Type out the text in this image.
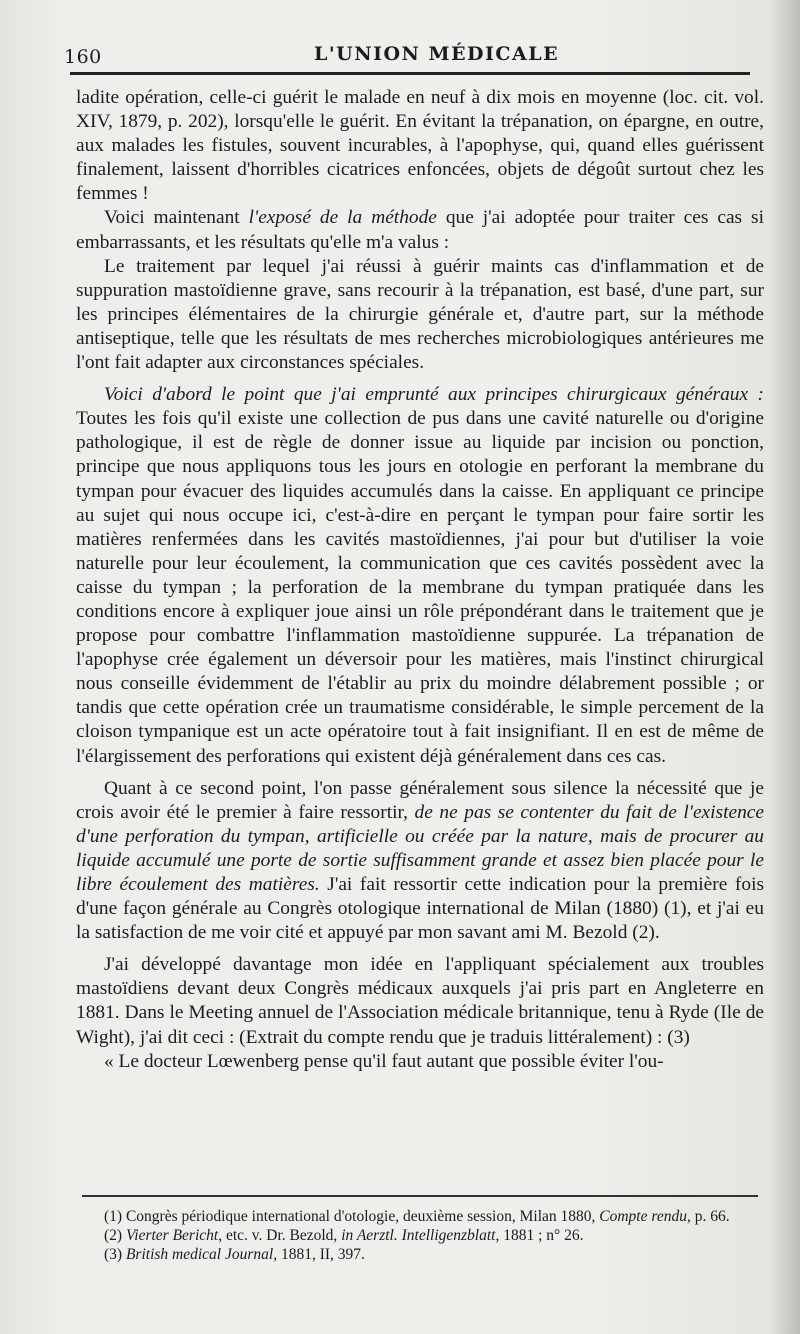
160	L'UNION MÉDICALE

ladite opération, celle-ci guérit le malade en neuf à dix mois en moyenne (loc. cit. vol. XIV, 1879, p. 202), lorsqu'elle le guérit. En évitant la trépanation, on épargne, en outre, aux malades les fistules, souvent incurables, à l'apophyse, qui, quand elles guérissent finalement, laissent d'horribles cicatrices enfoncées, objets de dégoût surtout chez les femmes !

Voici maintenant l'exposé de la méthode que j'ai adoptée pour traiter ces cas si embarrassants, et les résultats qu'elle m'a valus :

Le traitement par lequel j'ai réussi à guérir maints cas d'inflammation et de suppuration mastoïdienne grave, sans recourir à la trépanation, est basé, d'une part, sur les principes élémentaires de la chirurgie générale et, d'autre part, sur la méthode antiseptique, telle que les résultats de mes recherches microbiologiques antérieures me l'ont fait adapter aux circonstances spéciales.

Voici d'abord le point que j'ai emprunté aux principes chirurgicaux généraux : Toutes les fois qu'il existe une collection de pus dans une cavité naturelle ou d'origine pathologique, il est de règle de donner issue au liquide par incision ou ponction, principe que nous appliquons tous les jours en otologie en perforant la membrane du tympan pour évacuer des liquides accumulés dans la caisse. En appliquant ce principe au sujet qui nous occupe ici, c'est-à-dire en perçant le tympan pour faire sortir les matières renfermées dans les cavités mastoïdiennes, j'ai pour but d'utiliser la voie naturelle pour leur écoulement, la communication que ces cavités possèdent avec la caisse du tympan ; la perforation de la membrane du tympan pratiquée dans les conditions encore à expliquer joue ainsi un rôle prépondérant dans le traitement que je propose pour combattre l'inflammation mastoïdienne suppurée. La trépanation de l'apophyse crée également un déversoir pour les matières, mais l'instinct chirurgical nous conseille évidemment de l'établir au prix du moindre délabrement possible ; or tandis que cette opération crée un traumatisme considérable, le simple percement de la cloison tympanique est un acte opératoire tout à fait insignifiant. Il en est de même de l'élargissement des perforations qui existent déjà généralement dans ces cas.

Quant à ce second point, l'on passe généralement sous silence la nécessité que je crois avoir été le premier à faire ressortir, de ne pas se contenter du fait de l'existence d'une perforation du tympan, artificielle ou créée par la nature, mais de procurer au liquide accumulé une porte de sortie suffisamment grande et assez bien placée pour le libre écoulement des matières. J'ai fait ressortir cette indication pour la première fois d'une façon générale au Congrès otologique international de Milan (1880) (1), et j'ai eu la satisfaction de me voir cité et appuyé par mon savant ami M. Bezold (2).

J'ai développé davantage mon idée en l'appliquant spécialement aux troubles mastoïdiens devant deux Congrès médicaux auxquels j'ai pris part en Angleterre en 1881. Dans le Meeting annuel de l'Association médicale britannique, tenu à Ryde (Ile de Wight), j'ai dit ceci : (Extrait du compte rendu que je traduis littéralement) : (3)

« Le docteur Lœwenberg pense qu'il faut autant que possible éviter l'ou-

(1) Congrès périodique international d'otologie, deuxième session, Milan 1880, Compte rendu, p. 66.

(2) Vierter Bericht, etc. v. Dr. Bezold, in Aerztl. Intelligenzblatt, 1881 ; n° 26.

(3) British medical Journal, 1881, II, 397.
